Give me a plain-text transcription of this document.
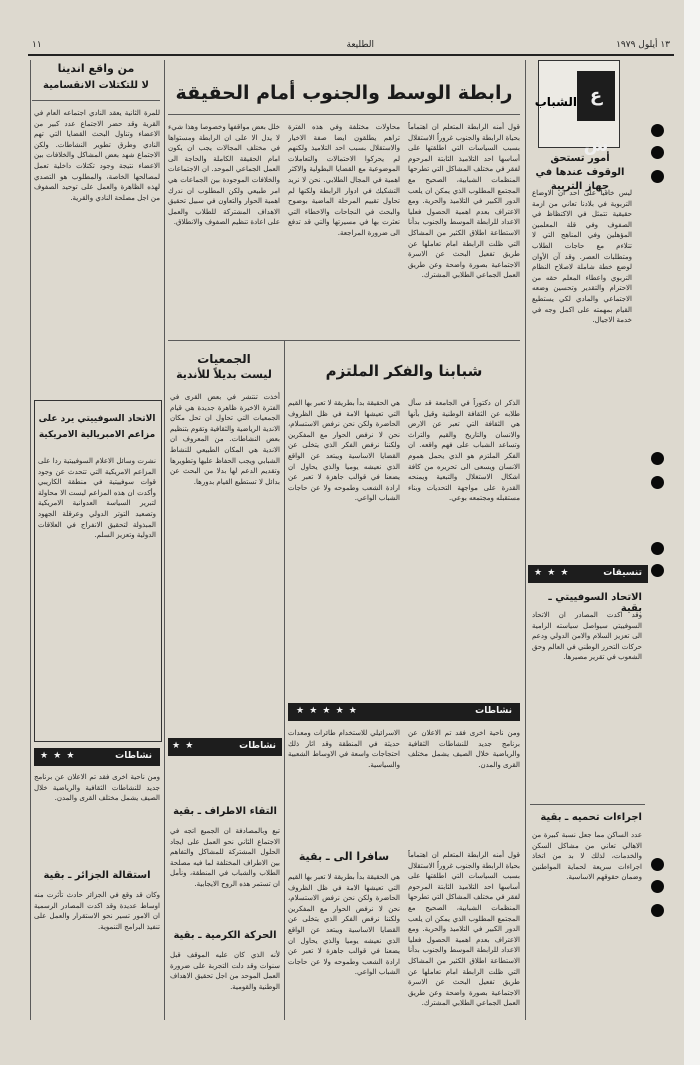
١٣ أيلول ١٩٧٩
الطليعة
١١
ع ش
الشباب
أمور تستحق الوقوف عندها في جهاز التربية
ليس خافياً على احد ان الاوضاع التربوية في بلادنا تعاني من ازمة حقيقية تتمثل في الاكتظاظ في الصفوف وفي قلة المعلمين المؤهلين وفي المناهج التي لا تتلاءم مع حاجات الطلاب ومتطلبات العصر. وقد آن الأوان لوضع خطة شاملة لاصلاح النظام التربوي واعطاء المعلم حقه من الاحترام والتقدير وتحسين وضعه الاجتماعي والمادي لكي يستطيع القيام بمهمته على اكمل وجه في خدمة الاجيال.
تنسيقات
★ ★ ★
الاتحاد السوفييتي ـ بقية
وقد اكدت المصادر ان الاتحاد السوفييتي سيواصل سياسته الرامية الى تعزيز السلام والامن الدولي ودعم حركات التحرر الوطني في العالم وحق الشعوب في تقرير مصيرها.
اجراءات تحميه ـ بقية
عدد الساكن مما جعل نسبة كبيرة من الاهالي تعاني من مشاكل السكن والخدمات، لذلك لا بد من اتخاذ اجراءات سريعة لحماية المواطنين وضمان حقوقهم الاساسية.
رابطة الوسط والجنوب أمام الحقيقة
قول أمنه الرابطة المتعلم ان اهتماماً بحياة الرابطة والجنوب غروراً الاستقلال بسبب السياسات التي اطلقتها على أساسها احد التلاميذ الثابتة المرحوم لفقر في مختلف المشاكل التي تطرحها المنظمات الشبابية، الصحيح مع المجتمع المطلوب الذي يمكن ان يلعب الدور الكبير في التلاميذ والحرية. ومع الاعتراف بعدم اهمية الحصول فعليا الاعداد للرابطة الموسط والجنوب بدأنا الاستطاعة اطلاق الكثير من المشاكل التي ظلت الرابطة امام تعاملها عن طريق تفعيل البحث عن الاسرة الاجتماعية بصورة واضحة وعن طريق العمل الجماعي الطلابي المشترك.
محاولات مختلفة وفي هذه الفترة تراهم يطلقون ايضا صفة الاخيار والاستقلال بسبب احد التلاميذ ولكنهم لم يحركوا الاحتمالات والتعاملات الموضوعية مع القضايا البطولية والاكثر اهمية في المجال الطلابي. نحن لا نريد التشكيك في ادوار الرابطة ولكنها لم تحاول تقييم المرحلة الماضية بوضوح والبحث في النجاحات والاخطاء التي تعثرت بها في مسيرتها والتي قد تدفع الى ضرورة المراجعة.
خلل بعض مواقفها وخصوصا وهذا شيء لا يدل الا على ان الرابطة ومستواها في مختلف المجالات يجب ان يكون امام الحقيقة الكاملة والحاجة الى العمل الجماعي الموحد. ان الاجتماعات والخلافات الموجودة بين الجماعات هي امر طبيعي ولكن المطلوب ان ندرك اهمية الحوار والتعاون في سبيل تحقيق الاهداف المشتركة للطلاب والعمل على اعادة تنظيم الصفوف والانطلاق.
شبابنا والفكر الملتزم
هي الحقيقة بدأ بطريقة لا تعبر بها القيم التي تعيشها الامة في ظل الظروف الحاضرة ولكن نحن نرفض الاستسلام، نحن لا نرفض الحوار مع المفكرين ولكننا نرفض الفكر الذي يتخلى عن القضايا الاساسية ويبتعد عن الواقع الذي نعيشه يوميا والذي يحاول ان يضعنا في قوالب جاهزة لا تعبر عن ارادة الشعب وطموحه ولا عن حاجات الشباب الواعي.
الذكر ان دكتوراً في الجامعة قد سأل طلابه عن الثقافة الوطنية وقيل بأنها هي الثقافة التي تعبر عن الارض والانسان والتاريخ والقيم والتراث وتساعد الشباب على فهم واقعه. ان الفكر الملتزم هو الذي يحمل هموم الانسان ويسعى الى تحريره من كافة اشكال الاستغلال والتبعية ويمنحه القدرة على مواجهة التحديات وبناء مستقبله ومجتمعه بوعي.
نشاطات
★ ★ ★ ★ ★
ومن ناحية اخرى فقد تم الاعلان عن برنامج جديد للنشاطات الثقافية والرياضية خلال الصيف يشمل مختلف القرى والمدن.
الاسرائيلي للاستخدام طائرات ومعدات حديثة في المنطقة وقد اثار ذلك احتجاجات واسعة في الاوساط الشعبية والسياسية.
سافرا الى ـ بقية	قول أمنه الرابطة المتعلم ان اهتماماً بحياة الرابطة والجنوب غروراً الاستقلال بسبب السياسات التي اطلقتها على أساسها احد التلاميذ الثابتة المرحوم لفقر في مختلف المشاكل التي تطرحها المنظمات الشبابية، الصحيح مع المجتمع المطلوب الذي يمكن ان يلعب الدور الكبير في التلاميذ والحرية. ومع الاعتراف بعدم اهمية الحصول فعليا الاعداد للرابطة الموسط والجنوب بدأنا الاستطاعة اطلاق الكثير من المشاكل التي ظلت الرابطة امام تعاملها عن طريق تفعيل البحث عن الاسرة الاجتماعية بصورة واضحة وعن طريق العمل الجماعي الطلابي المشترك.
هي الحقيقة بدأ بطريقة لا تعبر بها القيم التي تعيشها الامة في ظل الظروف الحاضرة ولكن نحن نرفض الاستسلام، نحن لا نرفض الحوار مع المفكرين ولكننا نرفض الفكر الذي يتخلى عن القضايا الاساسية ويبتعد عن الواقع الذي نعيشه يوميا والذي يحاول ان يضعنا في قوالب جاهزة لا تعبر عن ارادة الشعب وطموحه ولا عن حاجات الشباب الواعي.
الجمعيات
ليست بديلاً للأندية
أخذت تنتشر في بعض القرى في الفترة الاخيرة ظاهرة جديدة هي قيام الجمعيات التي تحاول ان تحل مكان الاندية الرياضية والثقافية وتقوم بتنظيم بعض النشاطات. من المعروف ان الاندية هي المكان الطبيعي للنشاط الشبابي ويجب الحفاظ عليها وتطويرها وتقديم الدعم لها بدلا من البحث عن بدائل لا تستطيع القيام بدورها.
نشاطات
★ ★
التقاء الاطراف ـ بقية
تبع وبالمصادفة ان الجميع اتجه في الاجتماع الثاني نحو العمل على ايجاد الحلول المشتركة للمشاكل والتفاهم بين الاطراف المختلفة لما فيه مصلحة الطلاب والشباب في المنطقة، ونأمل ان تستمر هذه الروح الايجابية.
الحركة الكرمية ـ بقية
لأنه الذي كان عليه الموقف قبل سنوات وقد دلت التجربة على ضرورة العمل الموحد من اجل تحقيق الاهداف الوطنية والقومية.
من واقع اندينا
لا للتكتلات الانقسامية
للمرة الثانية يعقد النادي اجتماعه العام في القرية وقد حضر الاجتماع عدد كبير من الاعضاء وتناول البحث القضايا التي تهم النادي وطرق تطوير النشاطات. ولكن الاجتماع شهد بعض المشاكل والخلافات بين الاعضاء نتيجة وجود تكتلات داخلية تعمل لمصالحها الخاصة، والمطلوب هو التصدي لهذه الظاهرة والعمل على توحيد الصفوف من اجل مصلحة النادي والقرية.
الاتحاد السوفييتي يرد على
مزاعم الامبريالية الامريكية
نشرت وسائل الاعلام السوفييتية ردا على المزاعم الامريكية التي تتحدث عن وجود قوات سوفييتية في منطقة الكاريبي وأكدت ان هذه المزاعم ليست الا محاولة لتبرير السياسة العدوانية الامريكية وتصعيد التوتر الدولي وعرقلة الجهود المبذولة لتحقيق الانفراج في العلاقات الدولية وتعزيز السلم.
نشاطات
★ ★ ★
ومن ناحية اخرى فقد تم الاعلان عن برنامج جديد للنشاطات الثقافية والرياضية خلال الصيف يشمل مختلف القرى والمدن.
استقالة الجزائر ـ بقية
وكان قد وقع في الجزائر حادث تأثرت منه اوساط عديدة وقد اكدت المصادر الرسمية ان الامور تسير نحو الاستقرار والعمل على تنفيذ البرامج التنموية.
